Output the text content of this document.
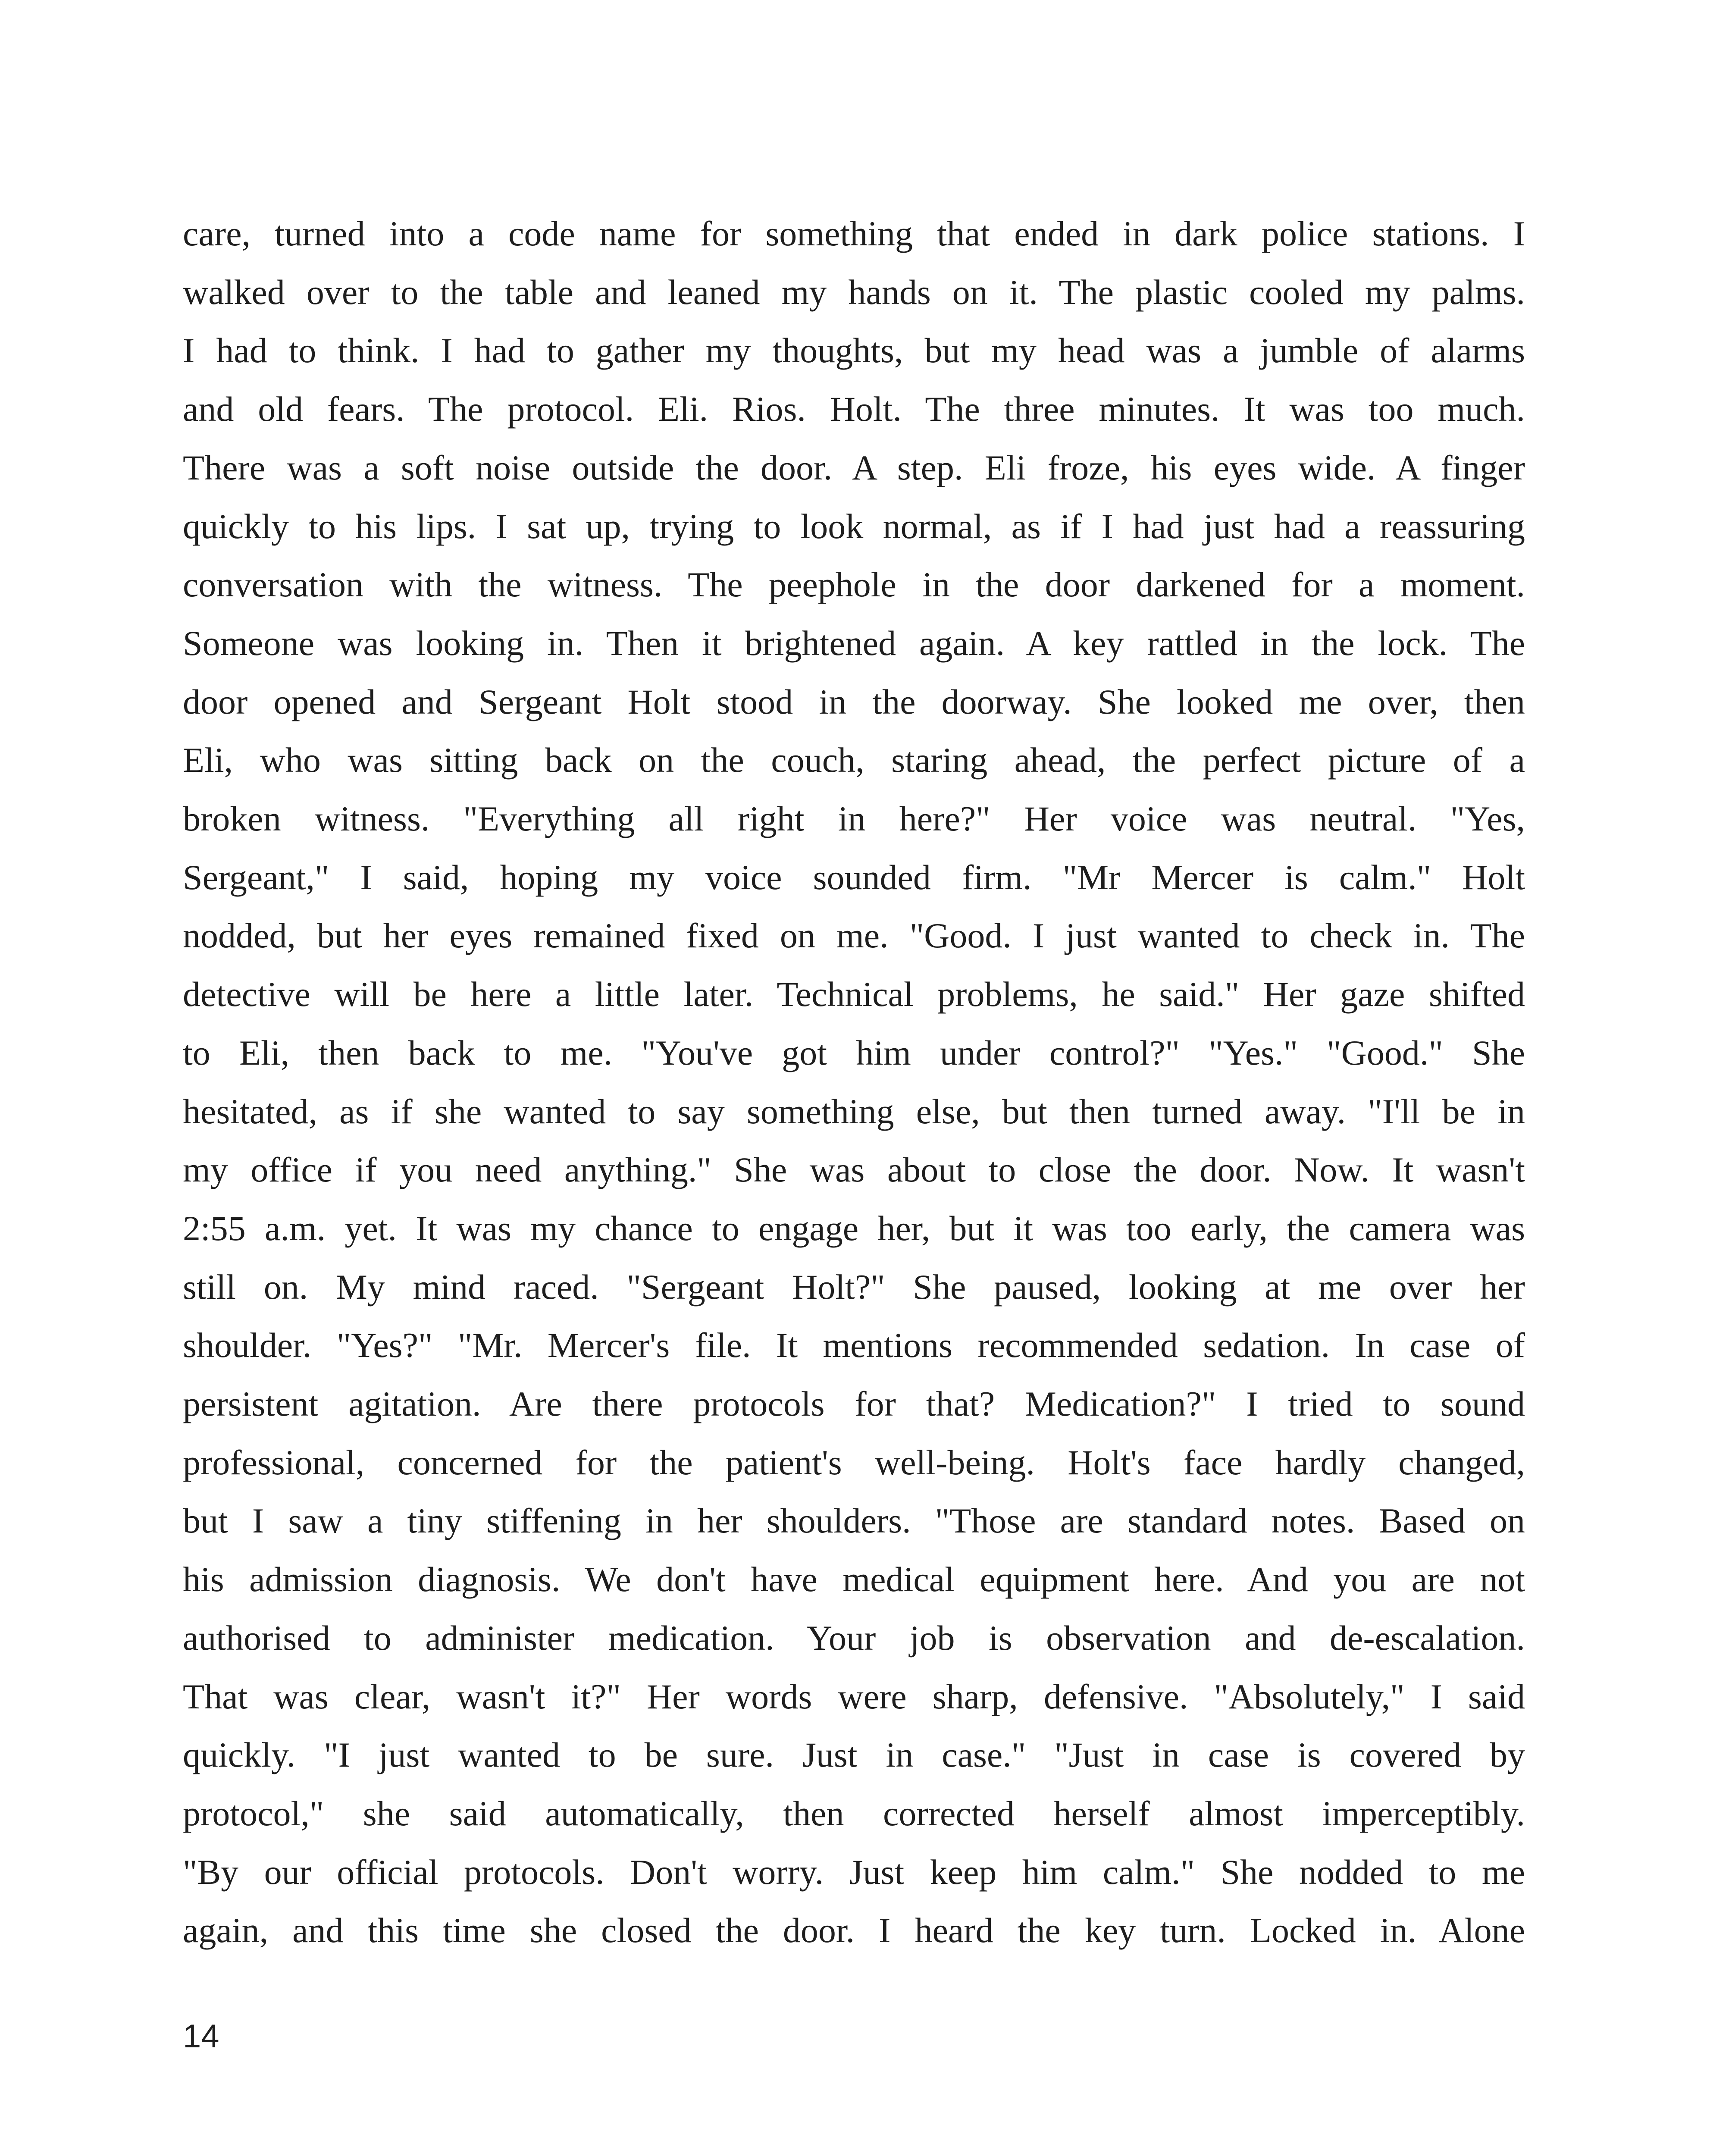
care, turned into a code name for something that ended in dark police stations. I
walked over to the table and leaned my hands on it. The plastic cooled my palms.
I had to think. I had to gather my thoughts, but my head was a jumble of alarms
and old fears. The protocol. Eli. Rios. Holt. The three minutes. It was too much.
There was a soft noise outside the door. A step. Eli froze, his eyes wide. A finger
quickly to his lips. I sat up, trying to look normal, as if I had just had a reassuring
conversation with the witness. The peephole in the door darkened for a moment.
Someone was looking in. Then it brightened again. A key rattled in the lock. The
door opened and Sergeant Holt stood in the doorway. She looked me over, then
Eli, who was sitting back on the couch, staring ahead, the perfect picture of a
broken witness. "Everything all right in here?" Her voice was neutral. "Yes,
Sergeant," I said, hoping my voice sounded firm. "Mr Mercer is calm." Holt
nodded, but her eyes remained fixed on me. "Good. I just wanted to check in. The
detective will be here a little later. Technical problems, he said." Her gaze shifted
to Eli, then back to me. "You've got him under control?" "Yes." "Good." She
hesitated, as if she wanted to say something else, but then turned away. "I'll be in
my office if you need anything." She was about to close the door. Now. It wasn't
2:55 a.m. yet. It was my chance to engage her, but it was too early, the camera was
still on. My mind raced. "Sergeant Holt?" She paused, looking at me over her
shoulder. "Yes?" "Mr. Mercer's file. It mentions recommended sedation. In case of
persistent agitation. Are there protocols for that? Medication?" I tried to sound
professional, concerned for the patient's well-being. Holt's face hardly changed,
but I saw a tiny stiffening in her shoulders. "Those are standard notes. Based on
his admission diagnosis. We don't have medical equipment here. And you are not
authorised to administer medication. Your job is observation and de-escalation.
That was clear, wasn't it?" Her words were sharp, defensive. "Absolutely," I said
quickly. "I just wanted to be sure. Just in case." "Just in case is covered by
protocol," she said automatically, then corrected herself almost imperceptibly.
"By our official protocols. Don't worry. Just keep him calm." She nodded to me
again, and this time she closed the door. I heard the key turn. Locked in. Alone

14
